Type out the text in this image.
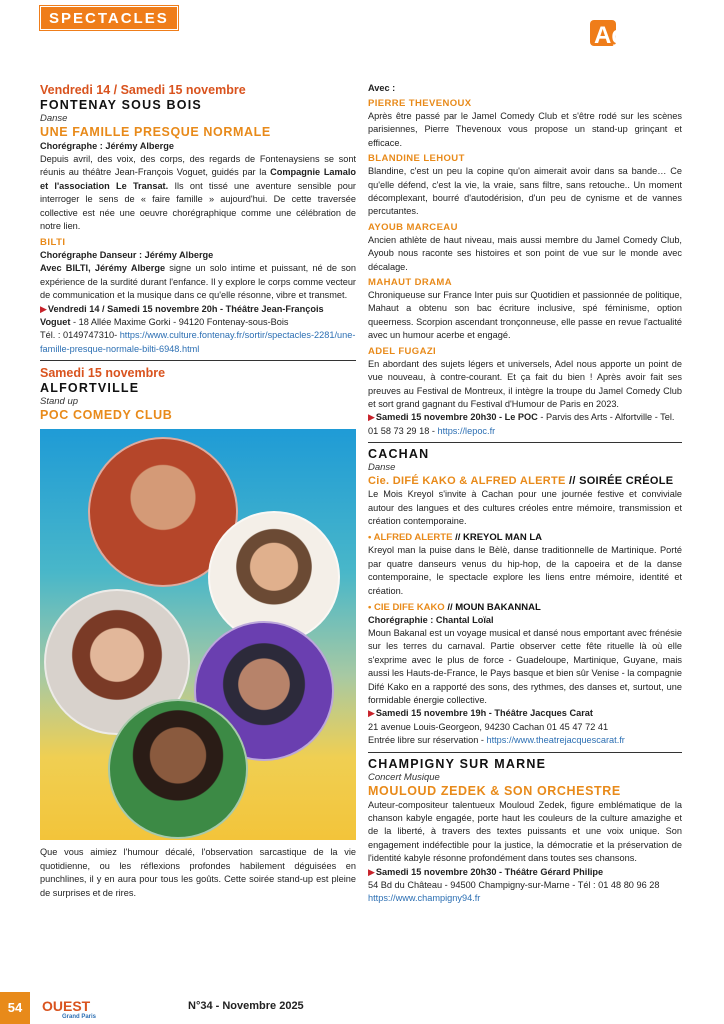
SPECTACLES
Agenda
Vendredi 14 / Samedi 15 novembre
FONTENAY SOUS BOIS
Danse
UNE FAMILLE PRESQUE NORMALE
Chorégraphe : Jérémy Alberge

Depuis avril, des voix, des corps, des regards de Fontenaysiens se sont réunis au théâtre Jean-François Voguet, guidés par la Compagnie Lamalo et l'association Le Transat. Ils ont tissé une aventure sensible pour interroger le sens de « faire famille » aujourd'hui. De cette traversée collective est née une oeuvre chorégraphique comme une célébration de notre lien.

BILTI
Chorégraphe Danseur : Jérémy Alberge

Avec BILTI, Jérémy Alberge signe un solo intime et puissant, né de son expérience de la surdité durant l'enfance. Il y explore le corps comme vecteur de communication et la musique dans ce qu'elle résonne, vibre et transmet.

▶Vendredi 14 / Samedi 15 novembre 20h - Théâtre Jean-François Voguet - 18 Allée Maxime Gorki - 94120 Fontenay-sous-Bois
Tél. : 0149747310- https://www.culture.fontenay.fr/sortir/spectacles-2281/une-famille-presque-normale-bilti-6948.html

Samedi 15 novembre
ALFORTVILLE
Stand up
POC COMEDY CLUB

Que vous aimiez l'humour décalé, l'observation sarcastique de la vie quotidienne, ou les réflexions profondes habilement déguisées en punchlines, il y en aura pour tous les goûts. Cette soirée stand-up est pleine de surprises et de rires.

Avec :
PIERRE THEVENOUX

Après être passé par le Jamel Comedy Club et s'être rodé sur les scènes parisiennes, Pierre Thevenoux vous propose un stand-up grinçant et efficace.

BLANDINE LEHOUT

Blandine, c'est un peu la copine qu'on aimerait avoir dans sa bande… Ce qu'elle défend, c'est la vie, la vraie, sans filtre, sans retouche.. Un moment décomplexant, bourré d'autodérision, d'un peu de cynisme et de vannes percutantes.

AYOUB MARCEAU

Ancien athlète de haut niveau, mais aussi membre du Jamel Comedy Club, Ayoub nous raconte ses histoires et son point de vue sur le monde avec décalage.

MAHAUT DRAMA

Chroniqueuse sur France Inter puis sur Quotidien et passionnée de politique, Mahaut a obtenu son bac écriture inclusive, spé féminisme, option queerness. Scorpion ascendant tronçonneuse, elle passe en revue l'actualité avec un humour acerbe et engagé.

ADEL FUGAZI

En abordant des sujets légers et universels, Adel nous apporte un point de vue nouveau, à contre-courant. Et ça fait du bien ! Après avoir fait ses preuves au Festival de Montreux, il intègre la troupe du Jamel Comedy Club et sort grand gagnant du Festival d'Humour de Paris en 2023.

▶Samedi 15 novembre 20h30 - Le POC - Parvis des Arts - Alfortville - Tel. 01 58 73 29 18 - https://lepoc.fr

CACHAN
Danse
Cie. DIFÉ KAKO & ALFRED ALERTE // SOIRÉE CRÉOLE

Le Mois Kreyol s'invite à Cachan pour une journée festive et conviviale autour des langues et des cultures créoles entre mémoire, transmission et création contemporaine.

• ALFRED ALERTE // KREYOL MAN LA

Kreyol man la puise dans le Bèlè, danse traditionnelle de Martinique. Porté par quatre danseurs venus du hip-hop, de la capoeira et de la danse contemporaine, le spectacle explore les liens entre mémoire, identité et création.

• CIE DIFE KAKO // MOUN BAKANNAL
Chorégraphie : Chantal Loïal

Moun Bakanal est un voyage musical et dansé nous emportant avec frénésie sur les terres du carnaval. Partie observer cette fête rituelle là où elle s'exprime avec le plus de force - Guadeloupe, Martinique, Guyane, mais aussi les Hauts-de-France, le Pays basque et bien sûr Venise - la compagnie Difé Kako en a rapporté des sons, des rythmes, des danses et, surtout, une formidable énergie collective.

▶Samedi 15 novembre 19h - Théâtre Jacques Carat
21 avenue Louis-Georgeon, 94230 Cachan 01 45 47 72 41
Entrée libre sur réservation - https://www.theatrejacquescarat.fr

CHAMPIGNY SUR MARNE
Concert Musique
MOULOUD ZEDEK & SON ORCHESTRE

Auteur-compositeur talentueux Mouloud Zedek, figure emblématique de la chanson kabyle engagée, porte haut les couleurs de la culture amazighe et de la liberté, à travers des textes puissants et une voix unique. Son engagement indéfectible pour la justice, la démocratie et la préservation de l'identité kabyle résonne profondément dans toutes ses chansons.

▶Samedi 15 novembre 20h30 - Théâtre Gérard Philipe
54 Bd du Château - 94500 Champigny-sur-Marne - Tél : 01 48 80 96 28
https://www.champigny94.fr

54	OUEST
Grand Paris
N°34 - Novembre 2025
